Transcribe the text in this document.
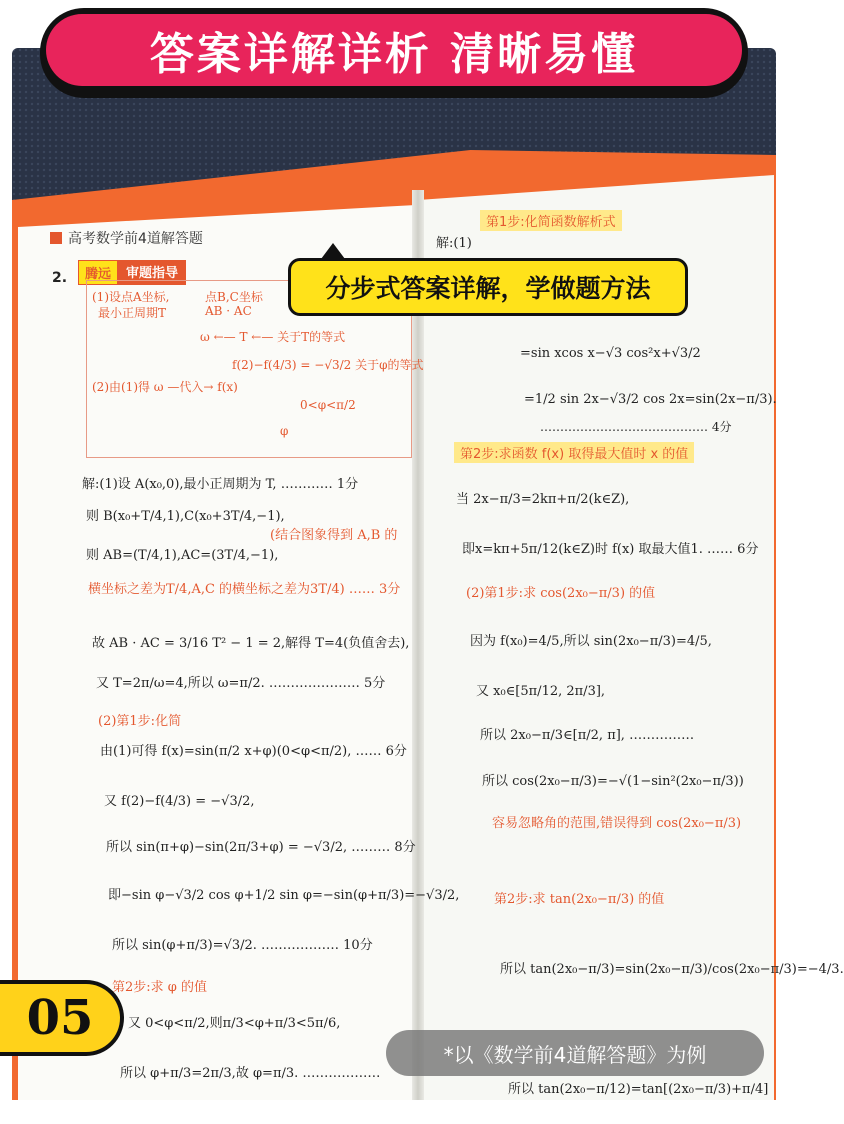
高考数学前4道解答题
2.	腾远	审题指导
(1)设点A坐标,
最小正周期T
点B,C坐标
AB · AC
ω ←— T ←— 关于T的等式
(2)由(1)得 ω —代入→ f(x)
f(2)−f(4/3) = −√3/2 关于φ的等式
0<φ<π/2
φ
解:(1)设 A(x₀,0),最小正周期为 T, ………… 1分
则 B(x₀+T/4,1),C(x₀+3T/4,−1),
则 AB=(T/4,1),AC=(3T/4,−1),
(结合图象得到 A,B 的
横坐标之差为T/4,A,C 的横坐标之差为3T/4) …… 3分
故 AB · AC = 3/16 T² − 1 = 2,解得 T=4(负值舍去),
又 T=2π/ω=4,所以 ω=π/2. ………………… 5分
(2)第1步:化简
由(1)可得 f(x)=sin(π/2 x+φ)(0<φ<π/2), …… 6分
又 f(2)−f(4/3) = −√3/2,
所以 sin(π+φ)−sin(2π/3+φ) = −√3/2, ……… 8分
即−sin φ−√3/2 cos φ+1/2 sin φ=−sin(φ+π/3)=−√3/2,
所以 sin(φ+π/3)=√3/2. ……………… 10分
第2步:求 φ 的值
又 0<φ<π/2,则π/3<φ+π/3<5π/6,
所以 φ+π/3=2π/3,故 φ=π/3. ………………
解:(1)
第1步:化简函数解析式
=sin xcos x−√3 cos²x+√3/2
=1/2 sin 2x−√3/2 cos 2x=sin(2x−π/3).
…………………………………… 4分
第2步:求函数 f(x) 取得最大值时 x 的值
当 2x−π/3=2kπ+π/2(k∈Z),
即x=kπ+5π/12(k∈Z)时 f(x) 取最大值1. …… 6分
(2)第1步:求 cos(2x₀−π/3) 的值
因为 f(x₀)=4/5,所以 sin(2x₀−π/3)=4/5,
又 x₀∈[5π/12, 2π/3],
所以 2x₀−π/3∈[π/2, π], ……………
所以 cos(2x₀−π/3)=−√(1−sin²(2x₀−π/3))
容易忽略角的范围,错误得到 cos(2x₀−π/3)
第2步:求 tan(2x₀−π/3) 的值
所以 tan(2x₀−π/3)=sin(2x₀−π/3)/cos(2x₀−π/3)=−4/3.
所以 tan(2x₀−π/12)=tan[(2x₀−π/3)+π/4]
答案详解详析 清晰易懂
分步式答案详解，学做题方法
05
*以《数学前4道解答题》为例
